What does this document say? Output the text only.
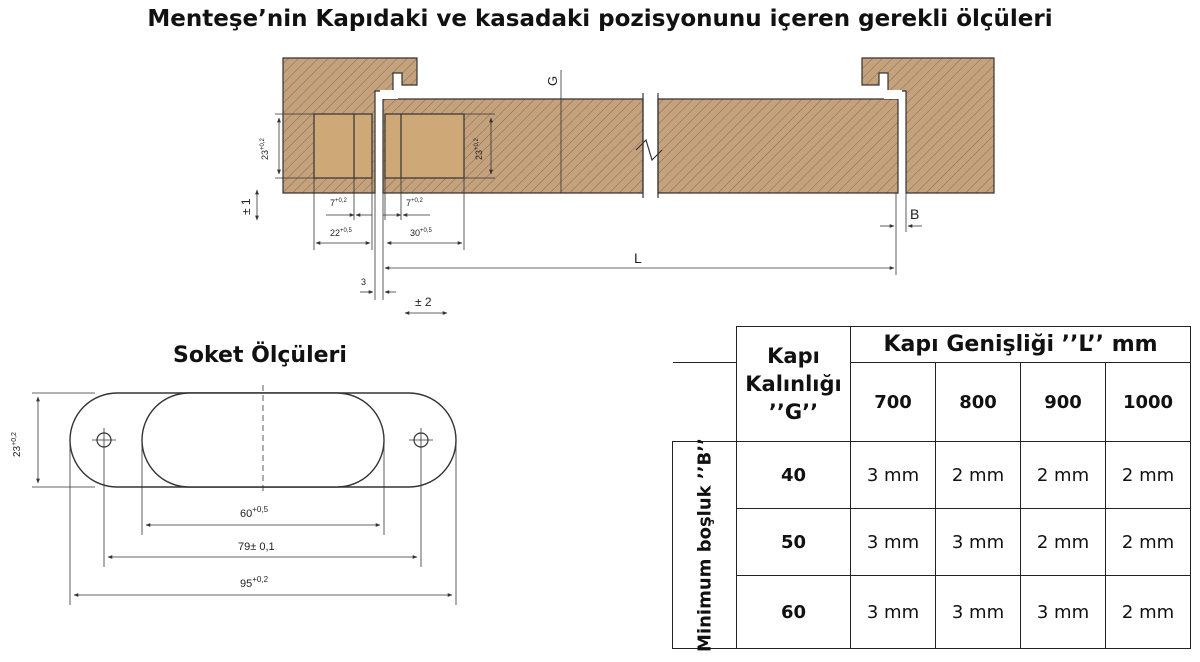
Menteşe’nin Kapıdaki ve kasadaki pozisyonunu içeren gerekli ölçüleri
$23^{+0,2}$
$23^{+0,2}$
G
± 1	$7^{+0,2}$	$7^{+0,2}$
$22^{+0,5}$	$30^{+0,5}$
L
B
3
± 2
Soket Ölçüleri
$23^{+0,2}$
$60^{+0,5}$
79± 0,1
$95^{+0,2}$
	Kapı Kalınlığı ’’G’’	Kapı Genişliği ’’L’’ mm			
		700	800	900	1000

Minimum boşluk ’’B’’	40	3 mm	2 mm	2 mm	2 mm
	50	3 mm	3 mm	2 mm	2 mm
	60	3 mm	3 mm	3 mm	2 mm
